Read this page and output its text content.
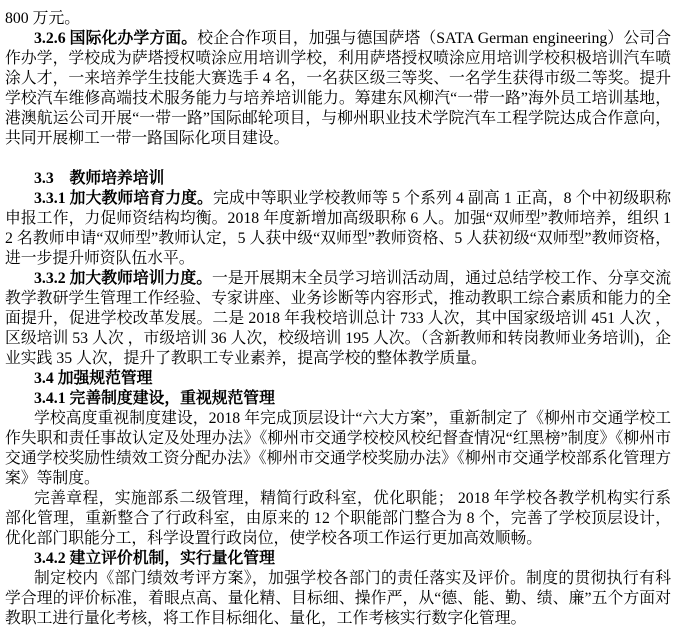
800 万元。

3.2.6 国际化办学方面。校企合作项目，加强与德国萨塔（SATA German engineering）公司合作办学，学校成为萨塔授权喷涂应用培训学校，利用萨塔授权喷涂应用培训学校积极培训汽车喷涂人才，一来培养学生技能大赛选手 4 名，一名获区级三等奖、一名学生获得市级二等奖。提升学校汽车维修高端技术服务能力与培养培训能力。筹建东风柳汽“一带一路”海外员工培训基地，港澳航运公司开展“一带一路”国际邮轮项目，与柳州职业技术学院汽车工程学院达成合作意向，共同开展柳工一带一路国际化项目建设。

3.3　教师培养培训

3.3.1 加大教师培育力度。完成中等职业学校教师等 5 个系列 4 副高 1 正高，8 个中初级职称申报工作，力促师资结构均衡。2018 年度新增加高级职称 6 人。加强“双师型”教师培养，组织 12 名教师申请“双师型”教师认定，5 人获中级“双师型”教师资格、5 人获初级“双师型”教师资格，进一步提升师资队伍水平。

3.3.2 加大教师培训力度。一是开展期末全员学习培训活动周，通过总结学校工作、分享交流教学教研学生管理工作经验、专家讲座、业务诊断等内容形式，推动教职工综合素质和能力的全面提升，促进学校改革发展。二是 2018 年我校培训总计 733 人次，其中国家级培训 451 人次 ，区级培训 53 人次 ，市级培训 36 人次，校级培训 195 人次。（含新教师和转岗教师业务培训)，企业实践 35 人次，提升了教职工专业素养，提高学校的整体教学质量。

3.4 加强规范管理

3.4.1 完善制度建设，重视规范管理

学校高度重视制度建设，2018 年完成顶层设计“六大方案”，重新制定了《柳州市交通学校工作失职和责任事故认定及处理办法》《柳州市交通学校校风校纪督查情况“红黑榜”制度》《柳州市交通学校奖励性绩效工资分配办法》《柳州市交通学校奖励办法》《柳州市交通学校部系化管理方案》等制度。

完善章程，实施部系二级管理，精简行政科室，优化职能； 2018 年学校各教学机构实行系部化管理，重新整合了行政科室，由原来的 12 个职能部门整合为 8 个，完善了学校顶层设计，优化部门职能分工，科学设置行政岗位，使学校各项工作运行更加高效顺畅。

3.4.2 建立评价机制，实行量化管理

制定校内《部门绩效考评方案》，加强学校各部门的责任落实及评价。制度的贯彻执行有科学合理的评价标准，着眼点高、量化精、目标细、操作严，从“德、能、勤、绩、廉”五个方面对教职工进行量化考核，将工作目标细化、量化，工作考核实行数字化管理。
